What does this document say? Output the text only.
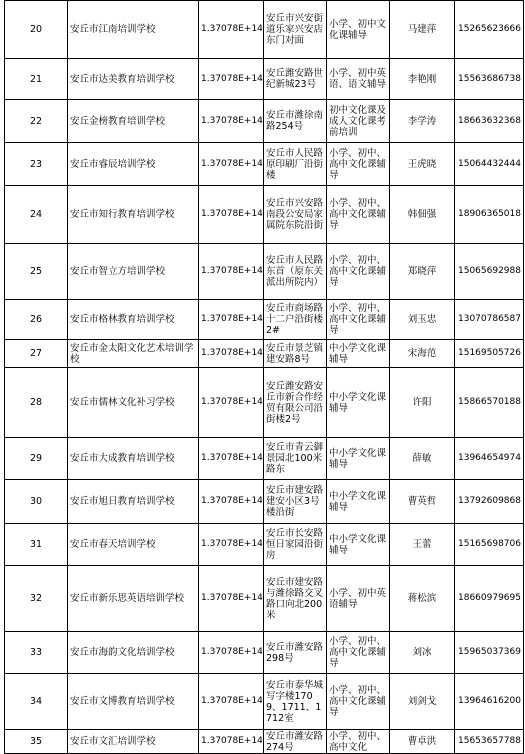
20	安丘市江南培训学校	1.37078E+14	安丘市兴安街道乐家兴安店东门对面	小学、初中文化课辅导	马建萍	15265623666
21	安丘市达美教育培训学校	1.37078E+14	安丘潍安路世纪新城23号	小学、初中英语、语文辅导	李艳刚	15563686738
22	安丘金榜教育培训学校	1.37078E+14	安丘市潍徐南路254号	初中文化课及成人文化课考前培训	李学涛	18663632368
23	安丘市睿辰培训学校	1.37078E+14	安丘市人民路原印刷厂沿街楼	小学、初中、高中文化课辅导	王虎晓	15064432444
24	安丘市知行教育培训学校	1.37078E+14	安丘市兴安路南段公安局家属院东院沿街	小学、初中、高中文化课辅导	韩佃强	18906365018
25	安丘市智立方培训学校	1.37078E+14	安丘市人民路东首（原东关派出所院内）	小学、初中、高中文化课辅导	郑晓萍	15065692988
26	安丘市格林教育培训学校	1.37078E+14	安丘市商场路十二户沿街楼2#	小学、初中、高中文化课辅导	刘玉忠	13070786587
27	安丘市金太阳文化艺术培训学校	1.37078E+14	安丘市景芝镇建安路8号	中小学文化课辅导	宋海范	15169505726
28	安丘市儒林文化补习学校	1.37078E+14	安丘潍安路安丘市新合作经贸有限公司沿街楼2号	中小学文化课辅导	许阳	15866570188
29	安丘市大成教育培训学校	1.37078E+14	安丘市青云御景园北100米路东	中小学文化课辅导	薛敏	13964654974
30	安丘市旭日教育培训学校	1.37078E+14	安丘市建安路建安小区3号楼沿街	中小学文化课辅导	曹英哲	13792609868
31	安丘市春天培训学校	1.37078E+14	安丘市长安路恒日家园沿街房	中小学文化课辅导	王蕾	15165698706
32	安丘市新乐思英语培训学校	1.37078E+14	安丘市建安路与潍徐路交叉路口向北200米	小学、初中英语辅导	蒋松滨	18660979695
33	安丘市海韵文化培训学校	1.37078E+14	安丘市潍安路298号	小学、初中、高中文化课辅导	刘冰	15965037369
34	安丘市文博教育培训学校	1.37078E+14	安丘市泰华城写字楼1709、1711、1712室	小学、初中、高中文化课辅导	刘剑戈	13964616200
35	安丘市文汇培训学校	1.37078E+14	安丘市潍安路274号	小学、初中、高中文化	曹卓洪	15653657788
